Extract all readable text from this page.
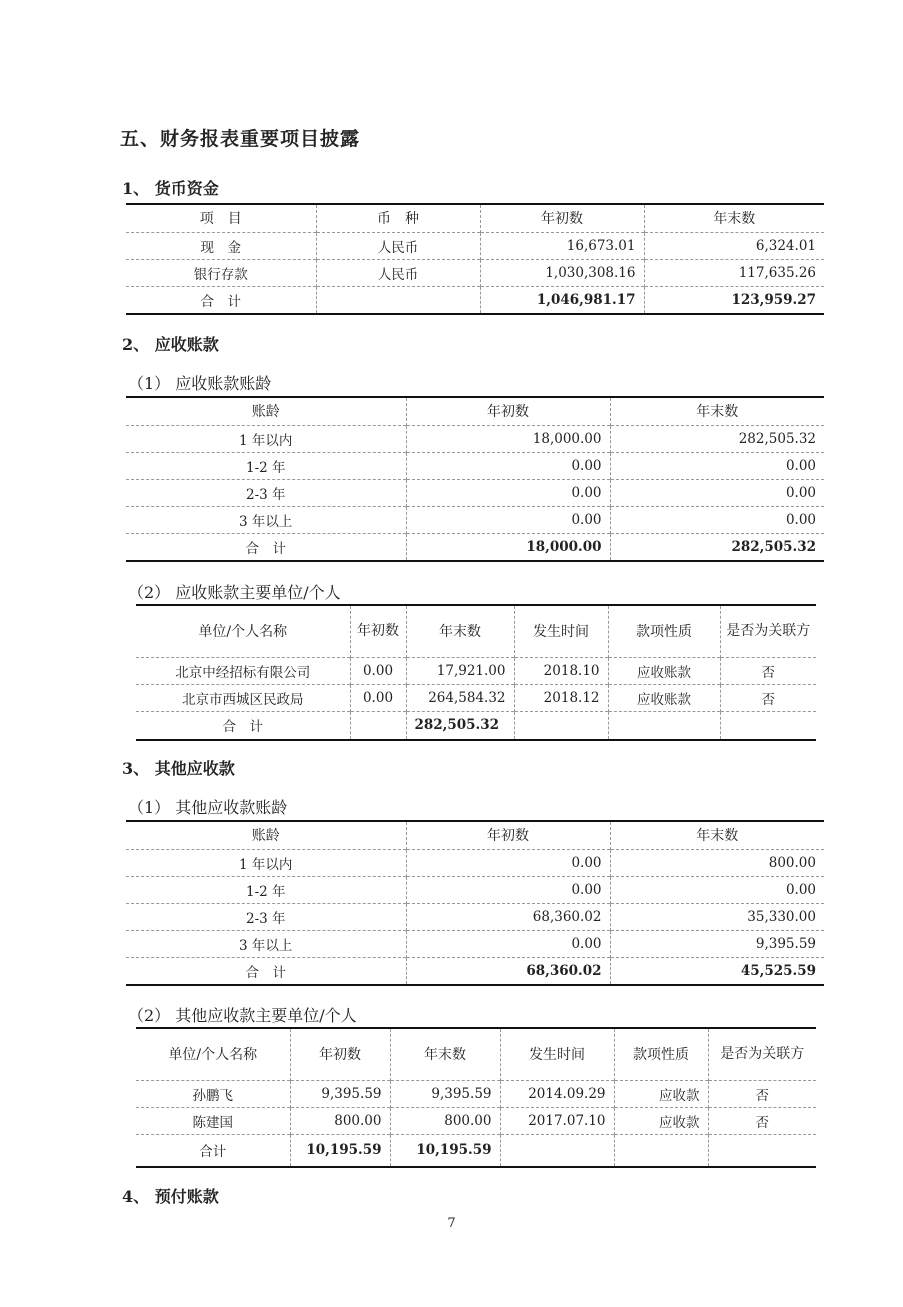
五、财务报表重要项目披露
1、 货币资金
项　目	币　种	年初数	年末数
现　金	人民币	16,673.01	6,324.01
银行存款	人民币	1,030,308.16	117,635.26
合　计		1,046,981.17	123,959.27
2、 应收账款
（1） 应收账款账龄
账龄	年初数	年末数
1 年以内	18,000.00	282,505.32
1-2 年	0.00	0.00
2-3 年	0.00	0.00
3 年以上	0.00	0.00
合　计	18,000.00	282,505.32
（2） 应收账款主要单位/个人
单位/个人名称	年初数	年末数	发生时间	款项性质	是否为关联方
北京中经招标有限公司	0.00	17,921.00	2018.10	应收账款	否
北京市西城区民政局	0.00	264,584.32	2018.12	应收账款	否
合　计		282,505.32			
3、 其他应收款
（1） 其他应收款账龄
账龄	年初数	年末数
1 年以内	0.00	800.00
1-2 年	0.00	0.00
2-3 年	68,360.02	35,330.00
3 年以上	0.00	9,395.59
合　计	68,360.02	45,525.59
（2） 其他应收款主要单位/个人
单位/个人名称	年初数	年末数	发生时间	款项性质	是否为关联方
孙鹏飞	9,395.59	9,395.59	2014.09.29	应收款	否
陈建国	800.00	800.00	2017.07.10	应收款	否
合计	10,195.59	10,195.59			
4、 预付账款
7
